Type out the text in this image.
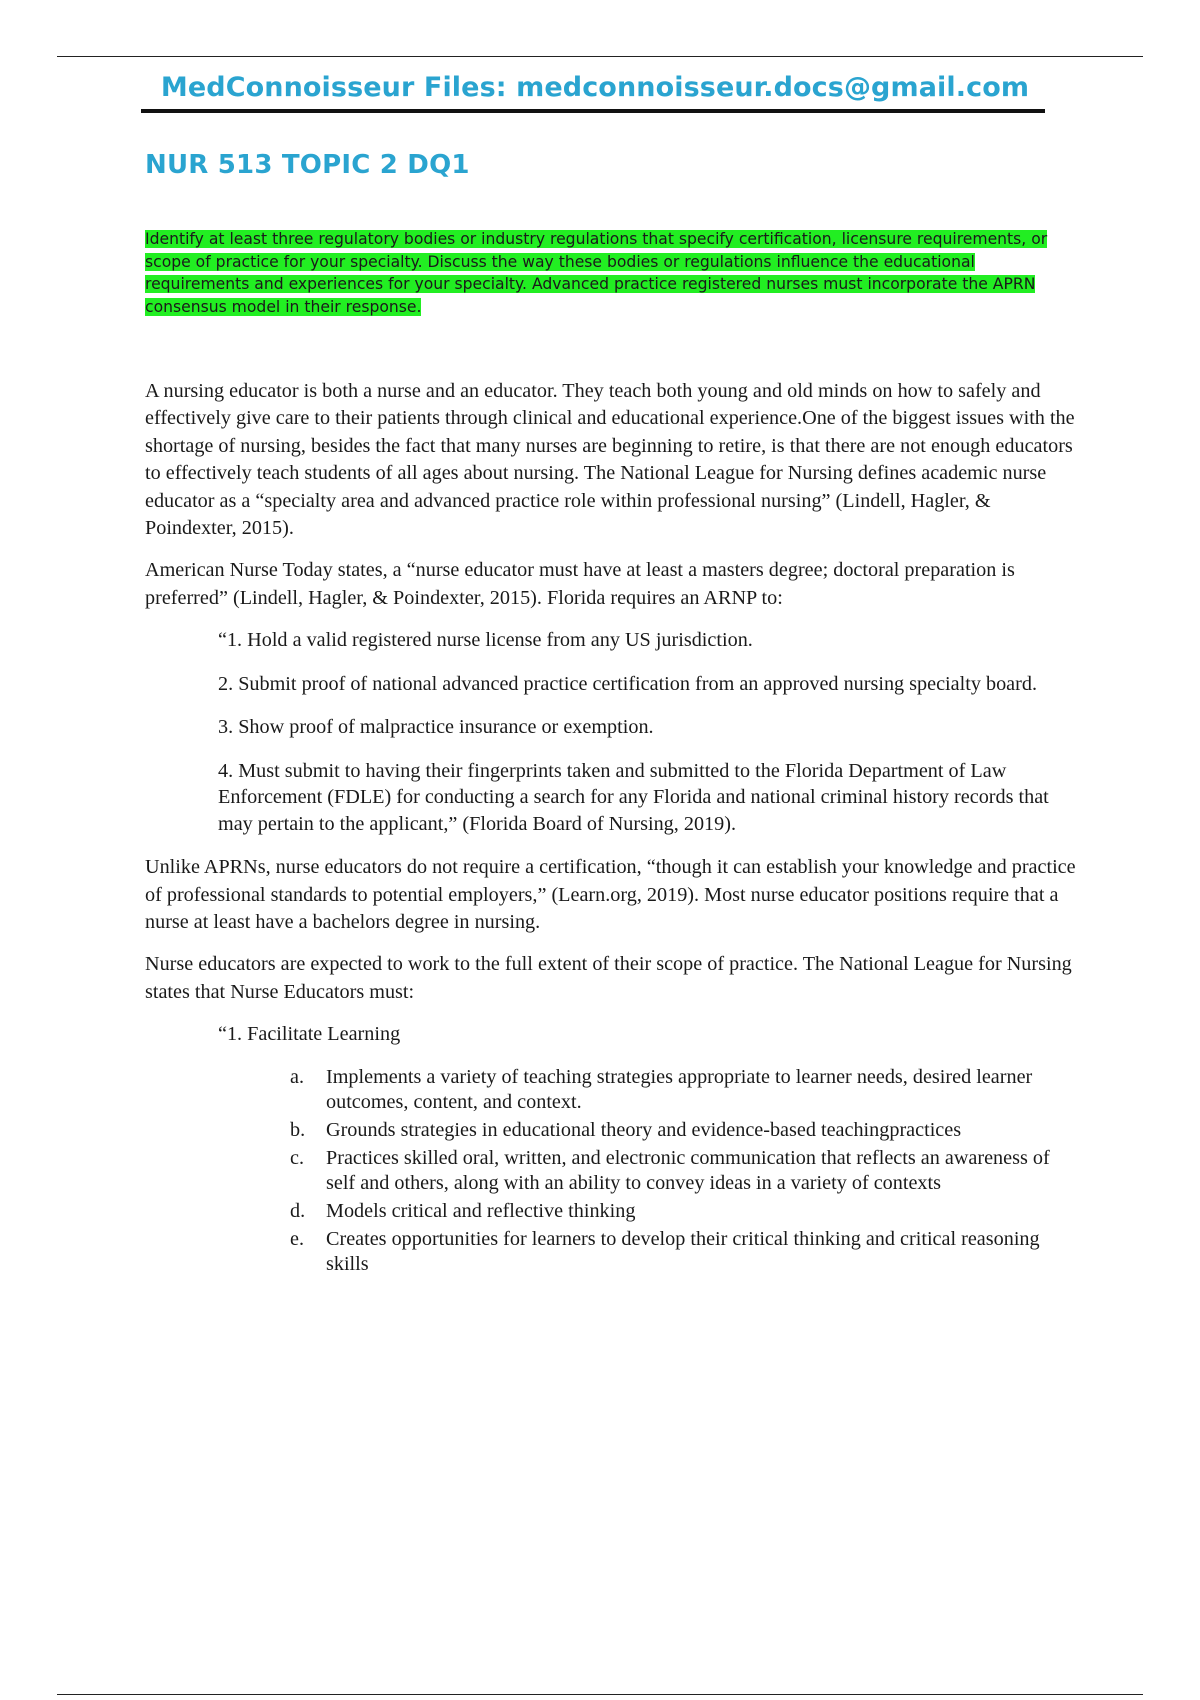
MedConnoisseur Files: medconnoisseur.docs@gmail.com
NUR 513 TOPIC 2 DQ1
Identify at least three regulatory bodies or industry regulations that specify certification, licensure requirements, or scope of practice for your specialty. Discuss the way these bodies or regulations influence the educational requirements and experiences for your specialty. Advanced practice registered nurses must incorporate the APRN consensus model in their response.

A nursing educator is both a nurse and an educator. They teach both young and old minds on how to safely and effectively give care to their patients through clinical and educational experience.One of the biggest issues with the shortage of nursing, besides the fact that many nurses are beginning to retire, is that there are not enough educators to effectively teach students of all ages about nursing. The National League for Nursing defines academic nurse educator as a “specialty area and advanced practice role within professional nursing” (Lindell, Hagler, & Poindexter, 2015).

American Nurse Today states, a “nurse educator must have at least a masters degree; doctoral preparation is preferred” (Lindell, Hagler, & Poindexter, 2015). Florida requires an ARNP to:

“1. Hold a valid registered nurse license from any US jurisdiction.

2. Submit proof of national advanced practice certification from an approved nursing specialty board.

3. Show proof of malpractice insurance or exemption.

4. Must submit to having their fingerprints taken and submitted to the Florida Department of Law Enforcement (FDLE) for conducting a search for any Florida and national criminal history records that may pertain to the applicant,” (Florida Board of Nursing, 2019).

Unlike APRNs, nurse educators do not require a certification, “though it can establish your knowledge and practice of professional standards to potential employers,” (Learn.org, 2019). Most nurse educator positions require that a nurse at least have a bachelors degree in nursing.

Nurse educators are expected to work to the full extent of their scope of practice. The National League for Nursing states that Nurse Educators must:

“1. Facilitate Learning

a. Implements a variety of teaching strategies appropriate to learner needs, desired learner outcomes, content, and context.
b. Grounds strategies in educational theory and evidence-based teachingpractices
c. Practices skilled oral, written, and electronic communication that reflects an awareness of self and others, along with an ability to convey ideas in a variety of contexts
d. Models critical and reflective thinking
e. Creates opportunities for learners to develop their critical thinking and critical reasoning skills
